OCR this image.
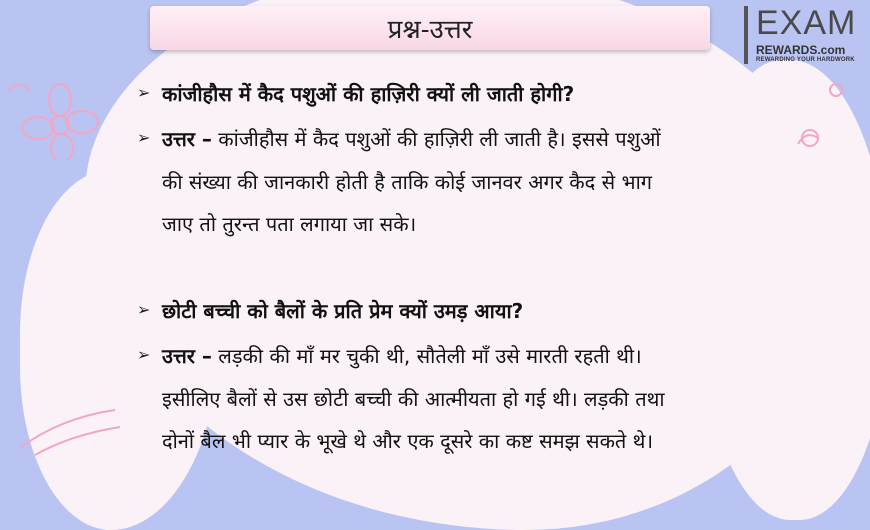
प्रश्न-उत्तर	EXAM
REWARDS.com
REWARDING YOUR HARDWORK
➢ कांजीहौस में कैद पशुओं की हाज़िरी क्यों ली जाती होगी?
➢ उत्तर – कांजीहौस में कैद पशुओं की हाज़िरी ली जाती है। इससे पशुओं
की संख्या की जानकारी होती है ताकि कोई जानवर अगर कैद से भाग
जाए तो तुरन्त पता लगाया जा सके।
➢ छोटी बच्ची को बैलों के प्रति प्रेम क्यों उमड़ आया?
➢ उत्तर – लड़की की माँ मर चुकी थी, सौतेली माँ उसे मारती रहती थी।
इसीलिए बैलों से उस छोटी बच्ची की आत्मीयता हो गई थी। लड़की तथा
दोनों बैल भी प्यार के भूखे थे और एक दूसरे का कष्ट समझ सकते थे।
